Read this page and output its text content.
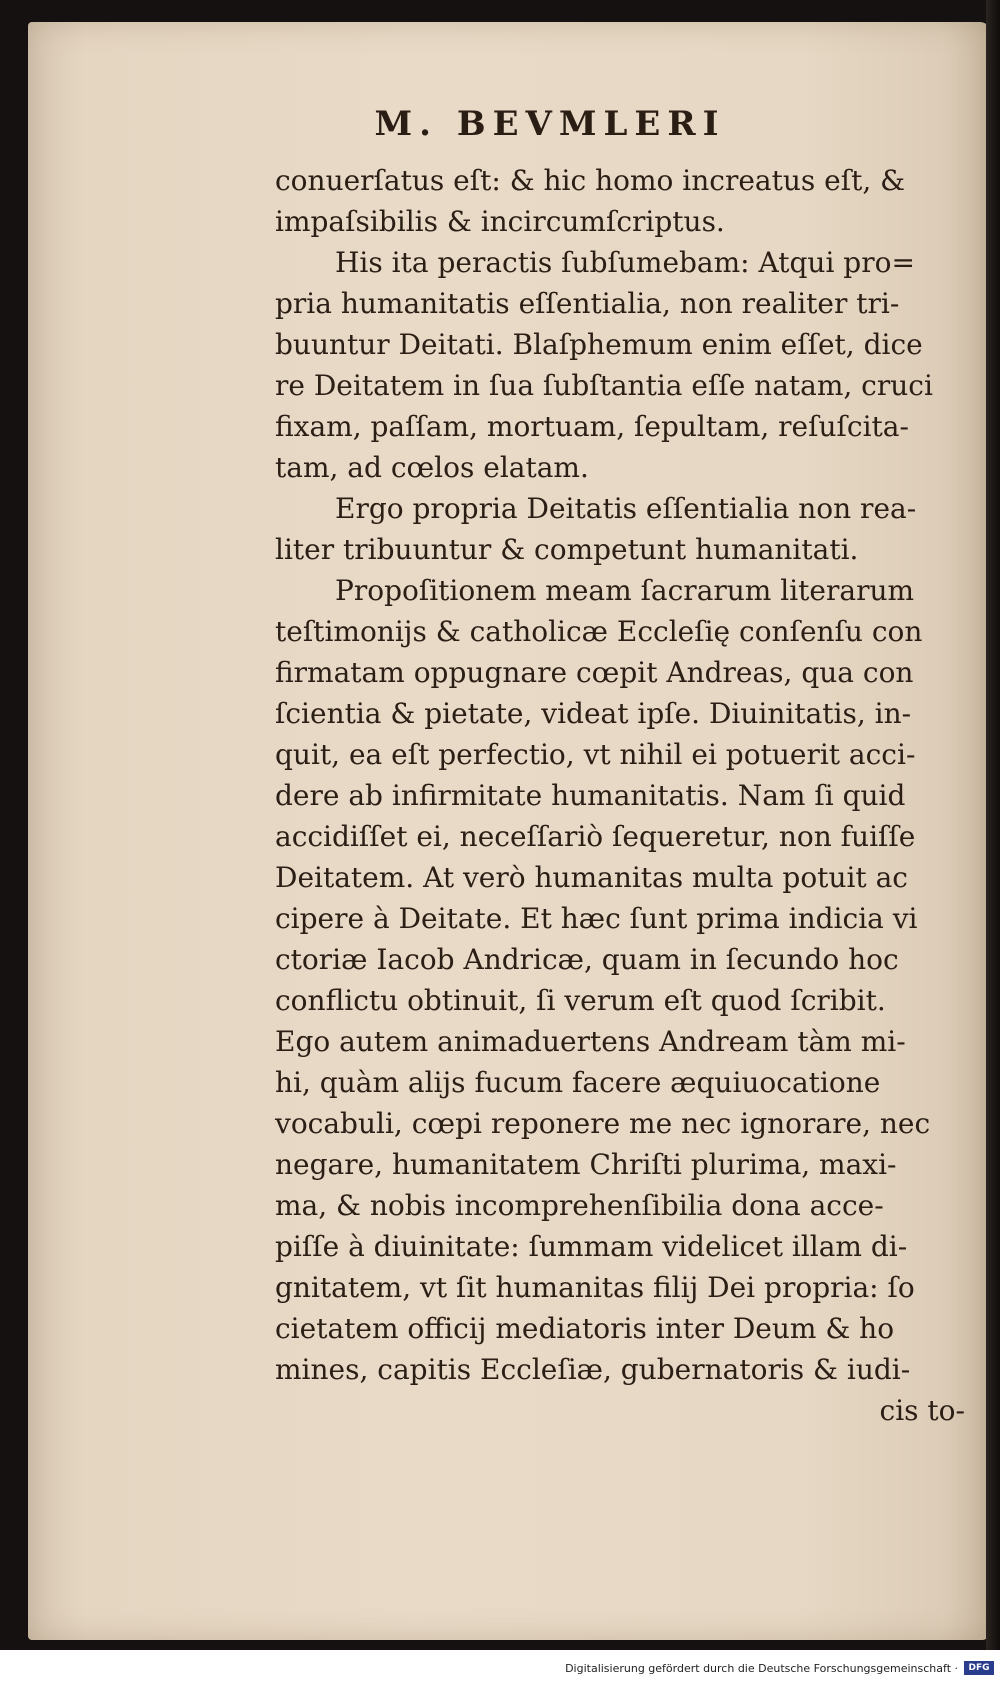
M. BEVMLERI
conuerſatus eſt: & hic homo increatus eſt, &
impaſsibilis & incircumſcriptus.
His ita peractis ſubſumebam: Atqui pro=
pria humanitatis eſſentialia, non realiter tri-
buuntur Deitati. Blaſphemum enim eſſet, dice
re Deitatem in ſua ſubſtantia eſſe natam, cruci
fixam, paſſam, mortuam, ſepultam, reſuſcita-
tam, ad cœlos elatam.
Ergo propria Deitatis eſſentialia non rea-
liter tribuuntur & competunt humanitati.
Propoſitionem meam ſacrarum literarum
teſtimonijs & catholicæ Eccleſię conſenſu con
firmatam oppugnare cœpit Andreas, qua con
ſcientia & pietate, videat ipſe. Diuinitatis, in-
quit, ea eſt perfectio, vt nihil ei potuerit acci-
dere ab infirmitate humanitatis. Nam ſi quid
accidiſſet ei, neceſſariò ſequeretur, non fuiſſe
Deitatem. At verò humanitas multa potuit ac
cipere à Deitate. Et hæc ſunt prima indicia vi
ctoriæ Iacob Andricæ, quam in ſecundo hoc
conflictu obtinuit, ſi verum eſt quod ſcribit.
Ego autem animaduertens Andream tàm mi-
hi, quàm alijs fucum facere æquiuocatione
vocabuli, cœpi reponere me nec ignorare, nec
negare, humanitatem Chriſti plurima, maxi-
ma, & nobis incomprehenſibilia dona acce-
piſſe à diuinitate: ſummam videlicet illam di-
gnitatem, vt ſit humanitas filij Dei propria: ſo
cietatem officij mediatoris inter Deum & ho
mines, capitis Eccleſiæ, gubernatoris & iudi-
cis to-
Digitalisierung gefördert durch die Deutsche Forschungsgemeinschaft ·	DFG
